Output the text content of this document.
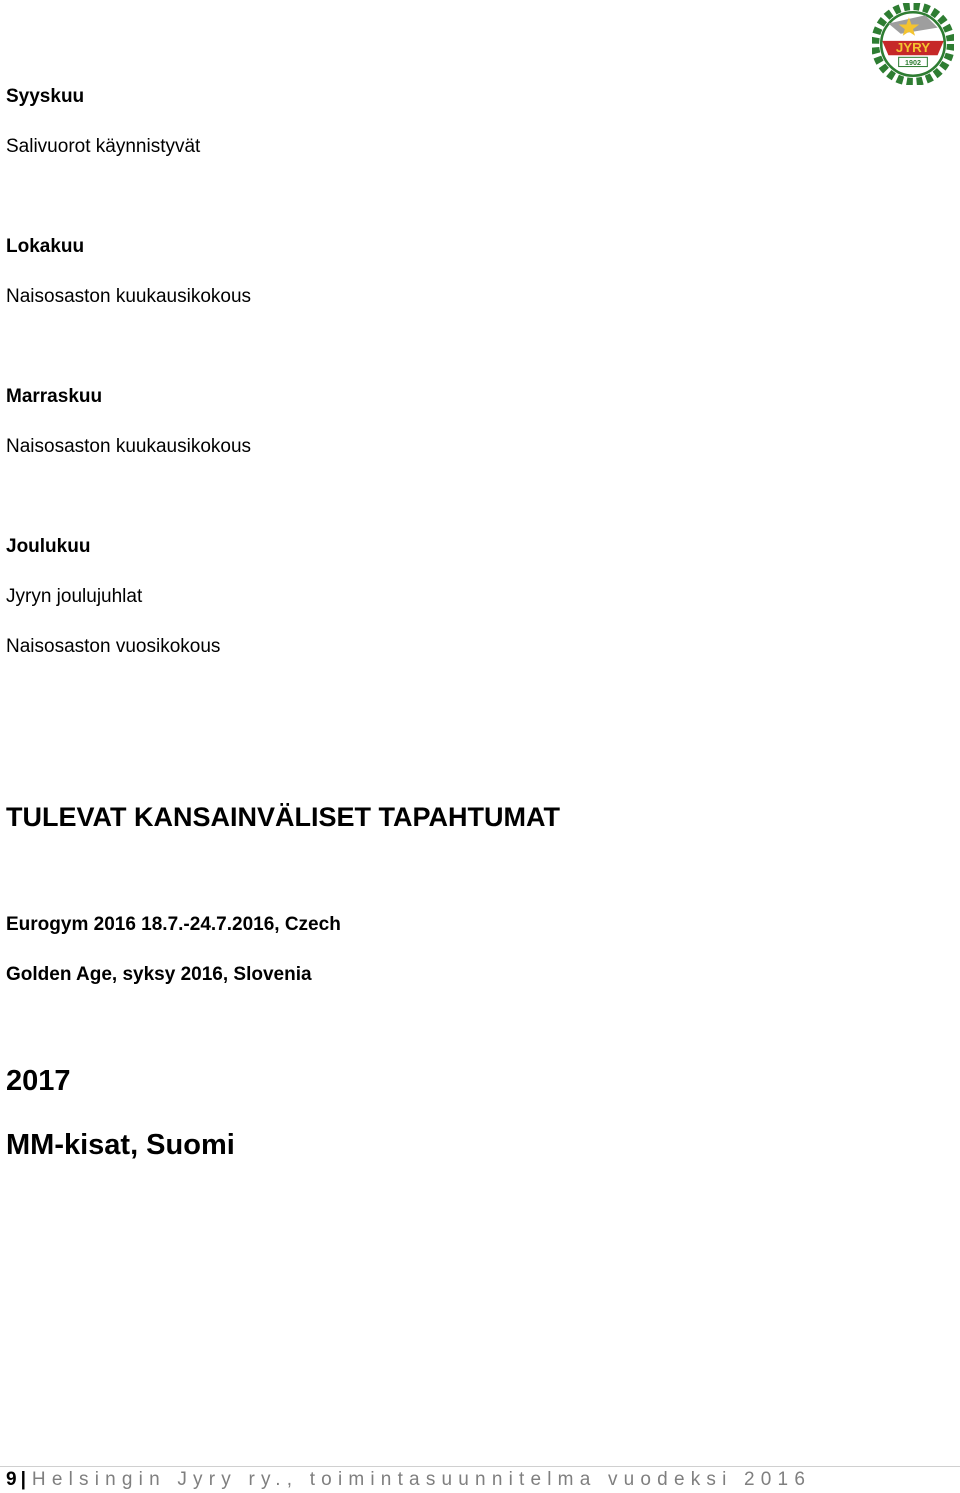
JYRY
1902
Syyskuu
Salivuorot käynnistyvät
Lokakuu
Naisosaston kuukausikokous
Marraskuu
Naisosaston kuukausikokous
Joulukuu
Jyryn joulujuhlat
Naisosaston vuosikokous
TULEVAT KANSAINVÄLISET TAPAHTUMAT
Eurogym 2016 18.7.-24.7.2016, Czech
Golden Age, syksy 2016, Slovenia
2017
MM-kisat, Suomi
9 | Helsingin Jyry ry., toimintasuunnitelma vuodeksi 2016
